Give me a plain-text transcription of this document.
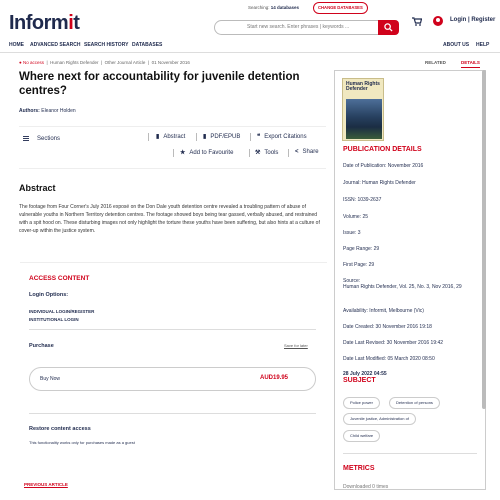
Informit
Searching: 14 databases	CHANGE DATABASES
Start new search. Enter phrases | keywords ...
Login | Register
HOME ADVANCED SEARCH SEARCH HISTORY DATABASES	ABOUT US HELP
● No access  |  Human Rights Defender  |  Other Journal Article  |  01 November 2016	RELATED	DETAILS
Where next for accountability for juvenile detention centres?
Authors: Eleanor Holden
Sections	▮ Abstract	▮ PDF/EPUB	❝ Export Citations
★ Add to Favourite	⚒ Tools	< Share
Abstract

The footage from Four Corner's July 2016 exposé on the Don Dale youth detention centre revealed a troubling pattern of abuse of vulnerable youths in Northern Territory detention centres. The footage showed boys being tear gassed, verbally abused, and restrained with a spit hood on. These disturbing images not only highlight the torture these youths have been suffering, but also hints at a culture of cover-up within the justice system.

ACCESS CONTENT
Login Options:
INDIVIDUAL LOGIN/REGISTER
INSTITUTIONAL LOGIN
Purchase	Save for later
Buy Now	AUD19.95
Restore content access
This functionality works only for purchases made as a guest
PREVIOUS ARTICLE
Human Rights Defender
PUBLICATION DETAILS
Date of Publication: November 2016
Journal: Human Rights Defender
ISSN: 1039-2637
Volume: 25
Issue: 3
Page Range: 29
First Page: 29
Source:
Human Rights Defender, Vol. 25, No. 3, Nov 2016, 29
Availability: Informit, Melbourne (Vic)
Date Created: 30 November 2016 19:18
Date Last Revised: 30 November 2016 19:42
Date Last Modified: 05 March 2020 08:50
28 July 2022 04:55
SUBJECT
Police power	Detention of persons
Juvenile justice, Administration of
Child welfare
METRICS
Downloaded 0 times
